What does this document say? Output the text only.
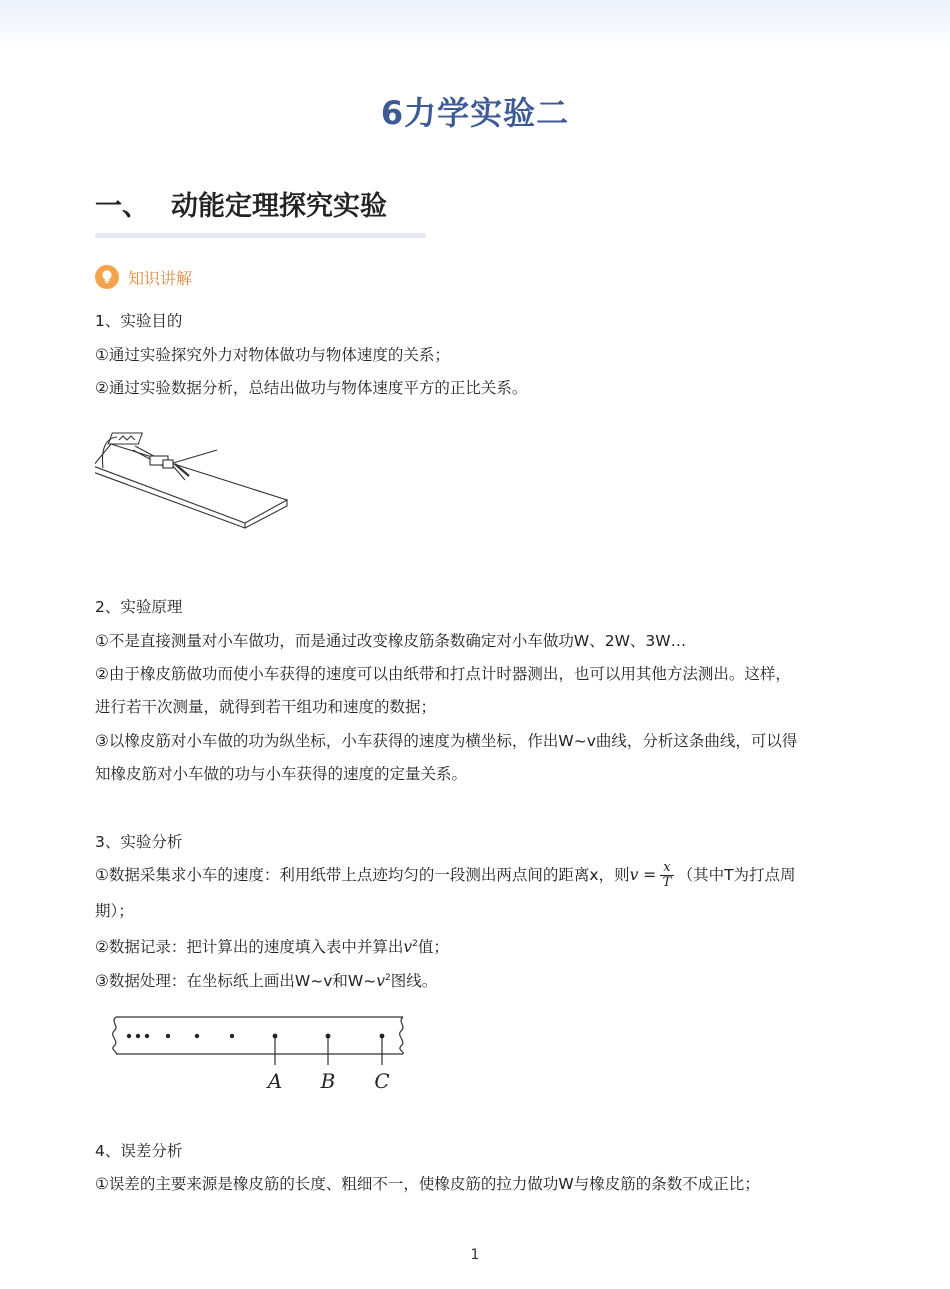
6力学实验二
一、 动能定理探究实验
知识讲解
1、实验目的
①通过实验探究外力对物体做功与物体速度的关系；
②通过实验数据分析，总结出做功与物体速度平方的正比关系。
2、实验原理
①不是直接测量对小车做功，而是通过改变橡皮筋条数确定对小车做功W、2W、3W…
②由于橡皮筋做功而使小车获得的速度可以由纸带和打点计时器测出，也可以用其他方法测出。这样，
进行若干次测量，就得到若干组功和速度的数据；
③以橡皮筋对小车做的功为纵坐标，小车获得的速度为横坐标，作出W~v曲线，分析这条曲线，可以得
知橡皮筋对小车做的功与小车获得的速度的定量关系。
3、实验分析
①数据采集求小车的速度：利用纸带上点迹均匀的一段测出两点间的距离x，则$v = \frac{x}{T}$ （其中T为打点周
期）；
②数据记录：把计算出的速度填入表中并算出$v^2$值；
③数据处理：在坐标纸上画出W~v和$W\sim v^2$图线。
A B C
4、误差分析
①误差的主要来源是橡皮筋的长度、粗细不一，使橡皮筋的拉力做功W与橡皮筋的条数不成正比；
1
